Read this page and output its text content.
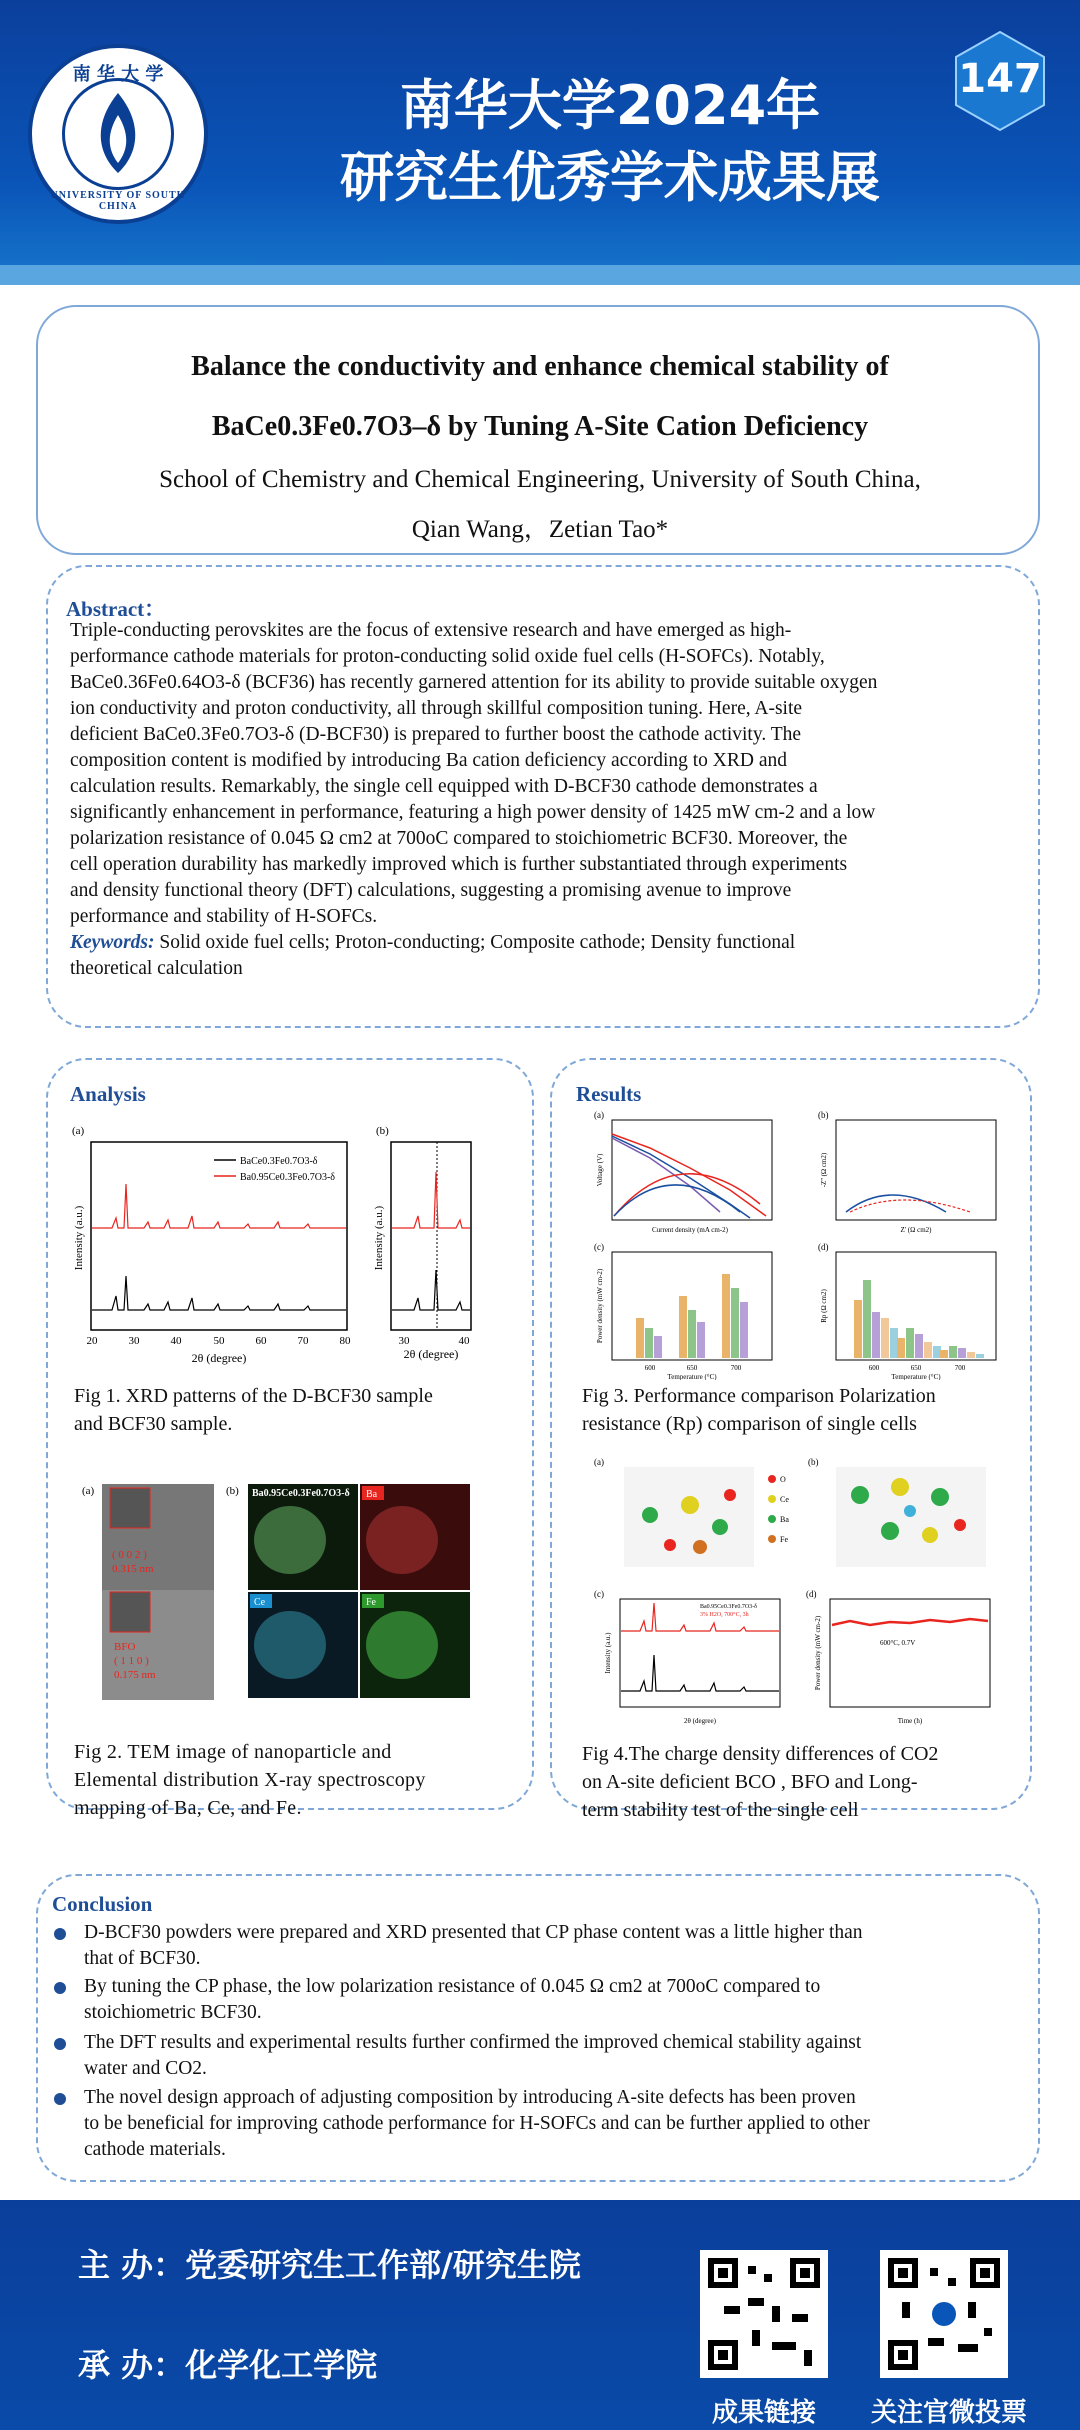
南 华 大 学
UNIVERSITY OF SOUTH CHINA
南华大学2024年
研究生优秀学术成果展
147
Balance the conductivity and enhance chemical stability of
BaCe0.3Fe0.7O3–δ by Tuning A-Site Cation Deficiency
School of Chemistry and Chemical Engineering, University of South China,
Qian Wang，Zetian Tao*
Abstract：
Triple-conducting perovskites are the focus of extensive research and have emerged as high-
performance cathode materials for proton-conducting solid oxide fuel cells (H-SOFCs). Notably,
BaCe0.36Fe0.64O3-δ (BCF36) has recently garnered attention for its ability to provide suitable oxygen
ion conductivity and proton conductivity, all through skillful composition tuning. Here, A-site
deficient BaCe0.3Fe0.7O3-δ (D-BCF30) is prepared to further boost the cathode activity. The
composition content is modified by introducing Ba cation deficiency according to XRD and
calculation results. Remarkably, the single cell equipped with D-BCF30 cathode demonstrates a
significantly enhancement in performance, featuring a high power density of 1425 mW cm-2 and a low
polarization resistance of 0.045 Ω cm2 at 700oC compared to stoichiometric BCF30. Moreover, the
cell operation durability has markedly improved which is further substantiated through experiments
and density functional theory (DFT) calculations, suggesting a promising avenue to improve
performance and stability of H-SOFCs.
Keywords: Solid oxide fuel cells; Proton-conducting; Composite cathode; Density functional
theoretical calculation
Analysis
(a)	(b)
BaCe0.3Fe0.7O3-δ
Ba0.95Ce0.3Fe0.7O3-δ
Intensity (a.u.)	Intensity (a.u.)
20	30	40	50	60	70	80	30	40
2θ (degree)	2θ (degree)
Fig 1. XRD patterns of the D-BCF30 sample
and BCF30 sample.
(a)
( 0 0 2 )
0.315 nm
BFO
( 1 1 0 )
0.175 nm
(b) Ba0.95Ce0.3Fe0.7O3-δ Ba
Ce	Fe
Fig 2. TEM image of nanoparticle and
Elemental distribution X-ray spectroscopy
mapping of Ba, Ce, and Fe.
Results
(a)
Current density (mA cm-2)
Voltage (V)
(b)
Z' (Ω cm2)
-Z'' (Ω cm2)
(c)
600	650	700
Temperature (°C)
Power density (mW cm-2)
(d)
600	650	700
Temperature (°C)
Rp (Ω cm2)
Fig 3. Performance comparison Polarization
resistance (Rp) comparison of single cells
(a)
O
Ce
Ba
Fe
(b)
(c)
Ba0.95Ce0.3Fe0.7O3-δ
3% H2O, 700°C, 3h
2θ (degree)
Intensity (a.u.)
(d)
600°C, 0.7V
Time (h)
Power density (mW cm-2)
Fig 4.The charge density differences of CO2
on A-site deficient BCO , BFO and Long-
term stability test of the single cell
Conclusion
D-BCF30 powders were prepared and XRD presented that CP phase content was a little higher than
that of BCF30.
By tuning the CP phase, the low polarization resistance of 0.045 Ω cm2 at 700oC compared to
stoichiometric BCF30.
The DFT results and experimental results further confirmed the improved chemical stability against
water and CO2.
The novel design approach of adjusting composition by introducing A-site defects has been proven
to be beneficial for improving cathode performance for H-SOFCs and can be further applied to other
cathode materials.
主 办：党委研究生工作部/研究生院
承 办：化学化工学院
成果链接	关注官微投票
